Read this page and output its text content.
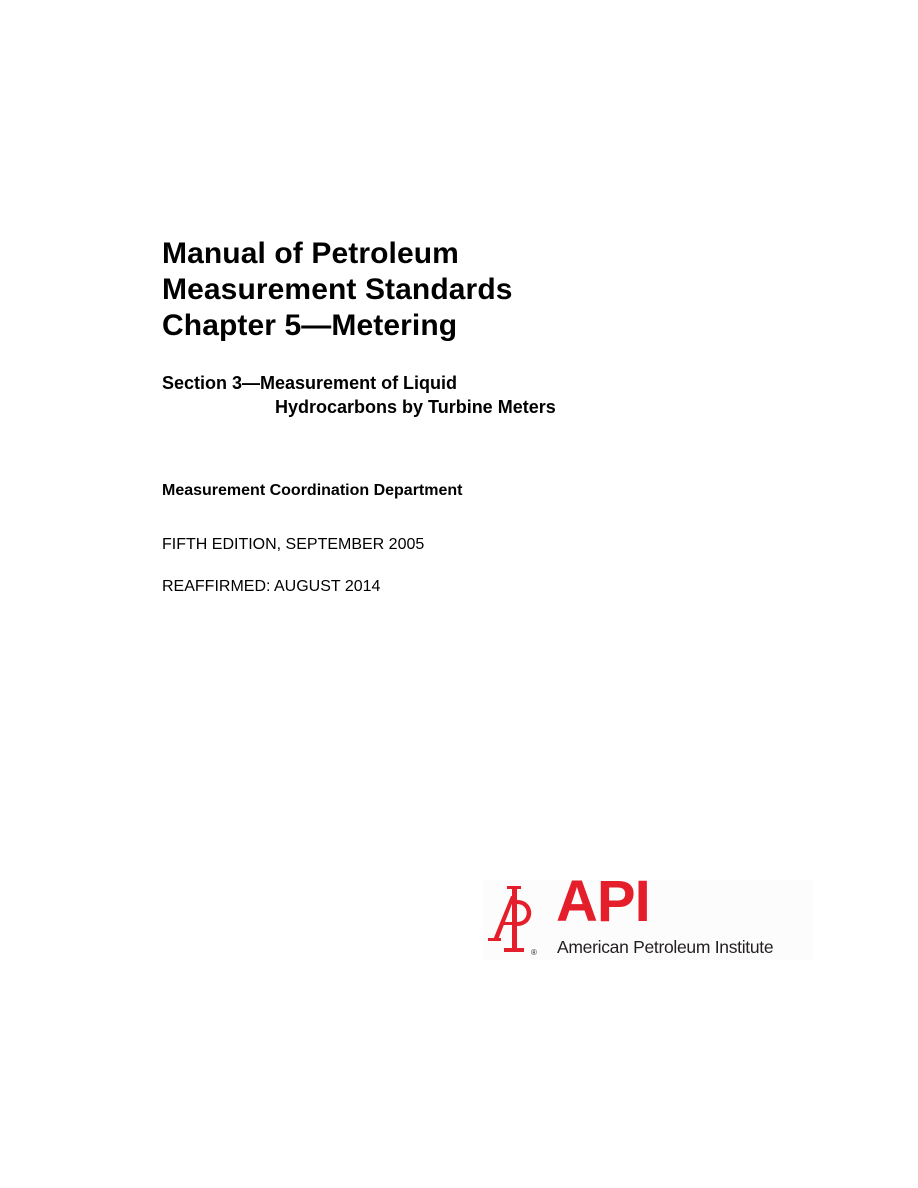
Manual of Petroleum
Measurement Standards
Chapter 5—Metering
Section 3—Measurement of Liquid
Hydrocarbons by Turbine Meters
Measurement Coordination Department
FIFTH EDITION, SEPTEMBER 2005
REAFFIRMED: AUGUST 2014
®
API
American Petroleum Institute
